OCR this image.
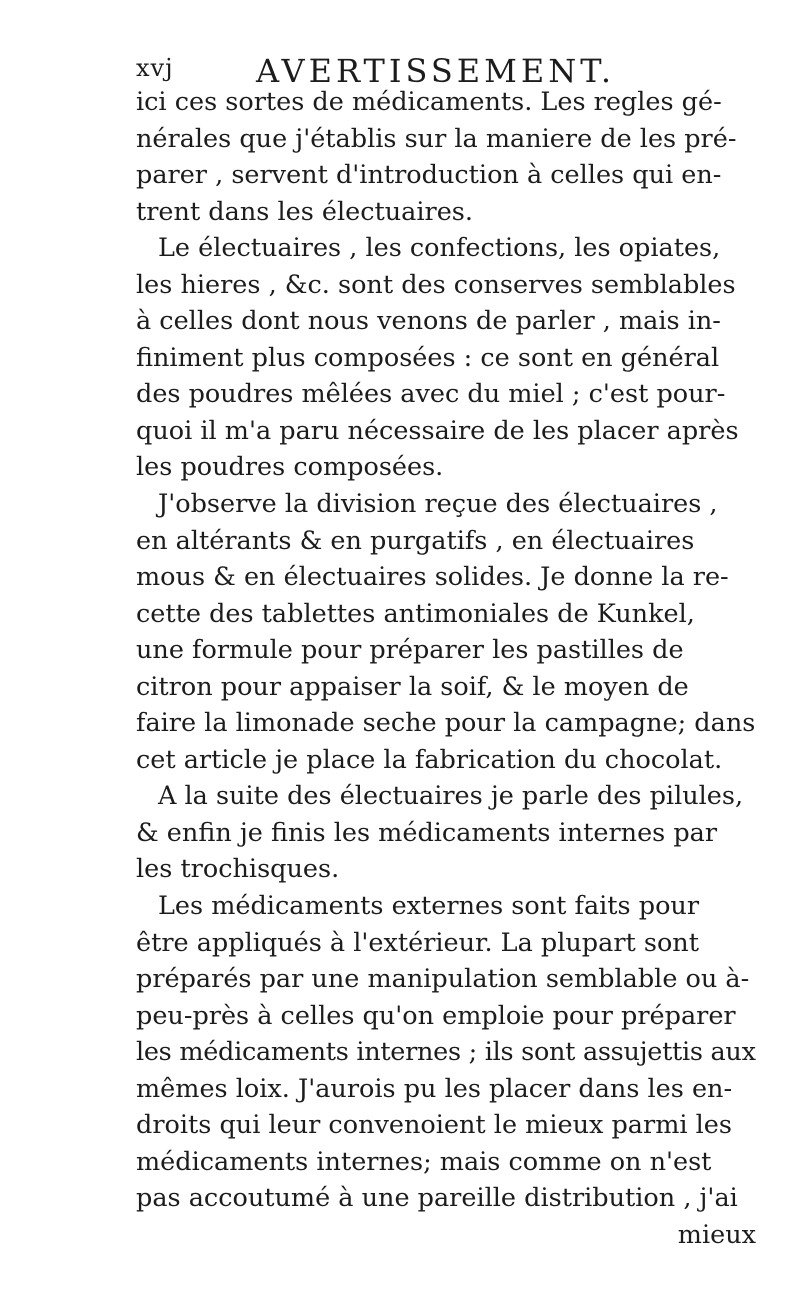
xvj	AVERTISSEMENT.
ici ces sortes de médicaments. Les regles gé-
nérales que j'établis sur la maniere de les pré-
parer , servent d'introduction à celles qui en-
trent dans les électuaires.
Le électuaires , les confections, les opiates,
les hieres , &c. sont des conserves semblables
à celles dont nous venons de parler , mais in-
finiment plus composées : ce sont en général
des poudres mêlées avec du miel ; c'est pour-
quoi il m'a paru nécessaire de les placer après
les poudres composées.
J'observe la division reçue des électuaires ,
en altérants & en purgatifs , en électuaires
mous & en électuaires solides. Je donne la re-
cette des tablettes antimoniales de Kunkel,
une formule pour préparer les pastilles de
citron pour appaiser la soif, & le moyen de
faire la limonade seche pour la campagne; dans
cet article je place la fabrication du chocolat.
A la suite des électuaires je parle des pilules,
& enfin je finis les médicaments internes par
les trochisques.
Les médicaments externes sont faits pour
être appliqués à l'extérieur. La plupart sont
préparés par une manipulation semblable ou à-
peu-près à celles qu'on emploie pour préparer
les médicaments internes ; ils sont assujettis aux
mêmes loix. J'aurois pu les placer dans les en-
droits qui leur convenoient le mieux parmi les
médicaments internes; mais comme on n'est
pas accoutumé à une pareille distribution , j'ai
mieux
